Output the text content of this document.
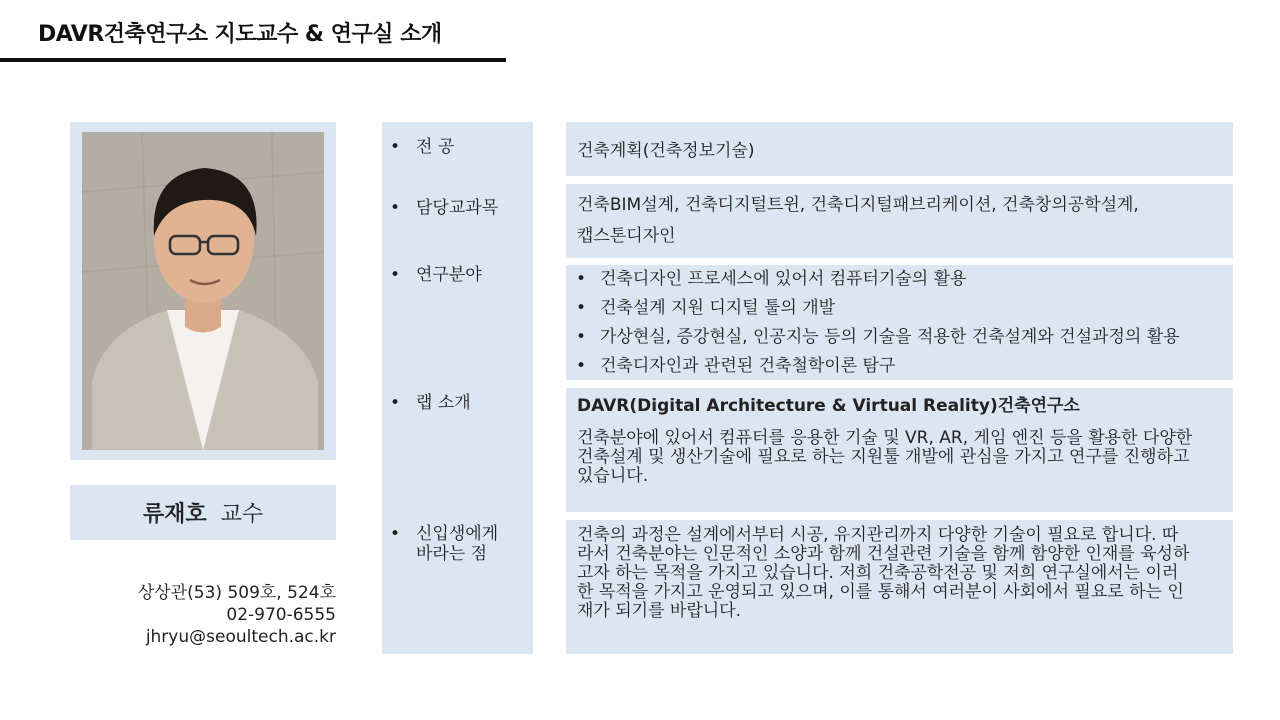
DAVR건축연구소 지도교수 & 연구실 소개
류재호 교수
상상관(53) 509호, 524호
02-970-6555
jhryu@seoultech.ac.kr
• 전 공
• 담당교과목
• 연구분야
• 랩 소개
• 신입생에게
바라는 점
건축계획(건축정보기술)
건축BIM설계, 건축디지털트윈, 건축디지털패브리케이션, 건축창의공학설계,
캡스톤디자인
• 건축디자인 프로세스에 있어서 컴퓨터기술의 활용
• 건축설계 지원 디지털 툴의 개발
• 가상현실, 증강현실, 인공지능 등의 기술을 적용한 건축설계와 건설과정의 활용
• 건축디자인과 관련된 건축철학이론 탐구
DAVR(Digital Architecture & Virtual Reality)건축연구소
건축분야에 있어서 컴퓨터를 응용한 기술 및 VR, AR, 게임 엔진 등을 활용한 다양한
건축설계 및 생산기술에 필요로 하는 지원툴 개발에 관심을 가지고 연구를 진행하고
있습니다.
건축의 과정은 설계에서부터 시공, 유지관리까지 다양한 기술이 필요로 합니다. 따
라서 건축분야는 인문적인 소양과 함께 건설관련 기술을 함께 함양한 인재를 육성하
고자 하는 목적을 가지고 있습니다. 저희 건축공학전공 및 저희 연구실에서는 이러
한 목적을 가지고 운영되고 있으며, 이를 통해서 여러분이 사회에서 필요로 하는 인
재가 되기를 바랍니다.
